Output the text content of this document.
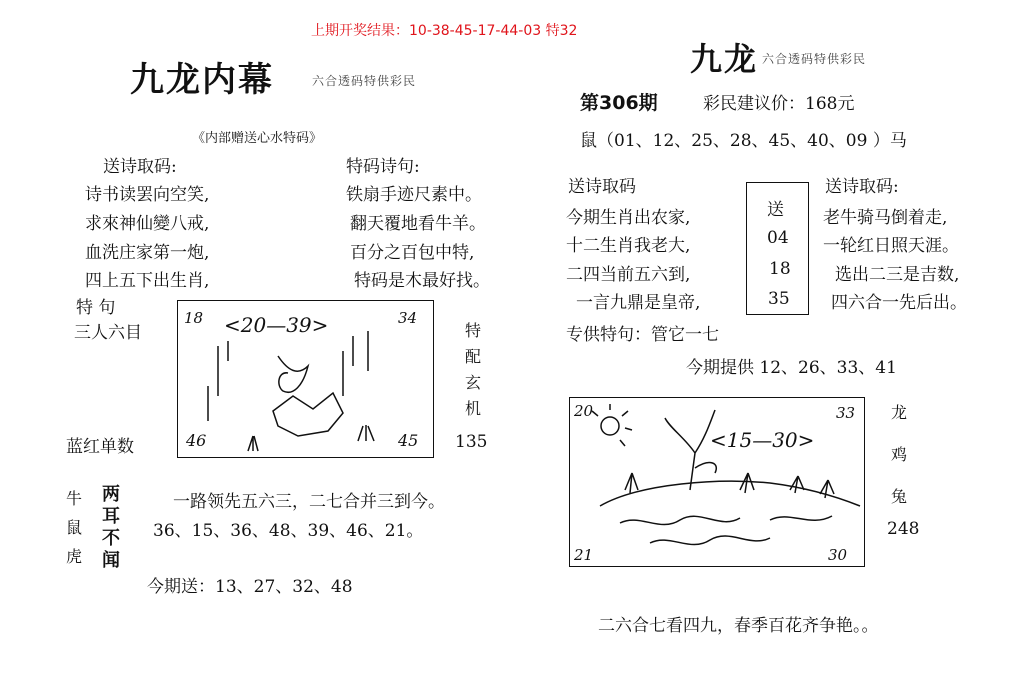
上期开奖结果：10-38-45-17-44-03 特32
九龙内幕	六合透码特供彩民
《内部赠送心水特码》
送诗取码:
诗书读罢向空笑,
求來神仙變八戒,
血洗庄家第一炮,
四上五下出生肖,
特码诗句:
铁扇手迹尺素中。
翻天覆地看牛羊。
百分之百包中特,
特码是木最好找。
特 句
三人六目
蓝红单数
18 <20—39>	34
46	45
特
配
玄
机
135
牛
鼠
虎
两
耳
不
闻
一路领先五六三，二七合并三到今。
36、15、36、48、39、46、21。
今期送：13、27、32、48
九龙 六合透码特供彩民
第306期	彩民建议价：168元
鼠（01、12、25、28、45、40、09 ）马
送诗取码
今期生肖出农家,
十二生肖我老大,
二四当前五六到,
一言九鼎是皇帝,
送
04
18
35
送诗取码:
老牛骑马倒着走,
一轮红日照天涯。
选出二三是吉数,
四六合一先后出。
专供特句：管它一七
今期提供 12、26、33、41
20
<15—30>
33
21	30
龙
鸡
兔
248
二六合七看四九，春季百花齐争艳。。
